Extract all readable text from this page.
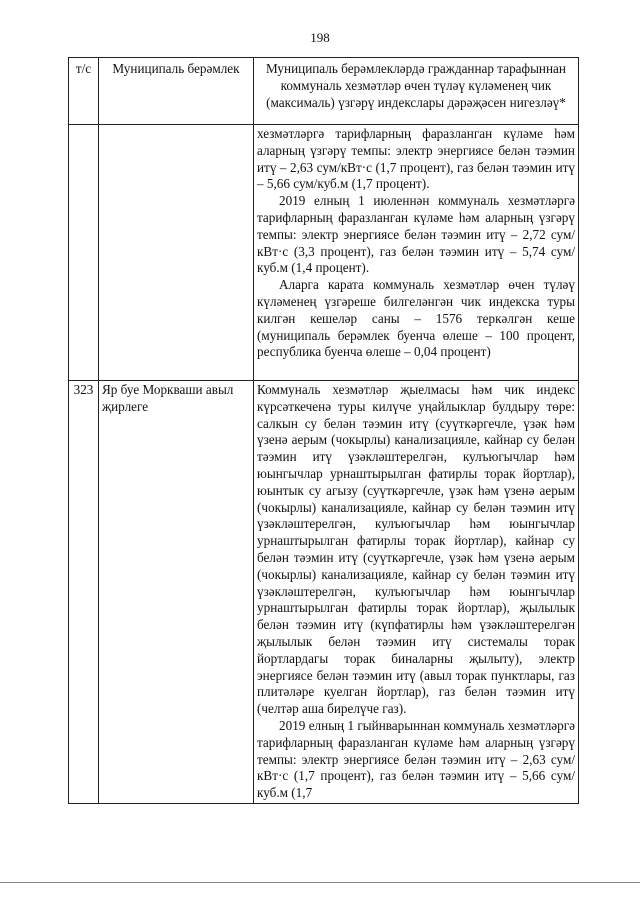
198
т/с	Муниципаль берәмлек	Муниципаль берәмлекләрдә гражданнар тарафыннан коммуналь хезмәтләр өчен түләү күләменең чик (максималь) үзгәрү индекслары дәрәҗәсен нигезләү*

		хезмәтләргә тарифларның фаразланган күләме һәм аларның үзгәрү темпы: электр энергиясе белән тәэмин итү – 2,63 сум/кВт·с (1,7 процент), газ белән тәэмин итү – 5,66 сум/куб.м (1,7 процент).

2019 елның 1 июленнән коммуналь хезмәтләргә тарифларның фаразланган күләме һәм аларның үзгәрү темпы: электр энергиясе белән тәэмин итү – 2,72 сум/кВт·с (3,3 процент), газ белән тәэмин итү – 5,74 сум/куб.м (1,4 процент).

Аларга карата коммуналь хезмәтләр өчен түләү күләменең үзгәреше билгеләнгән чик индекска туры килгән кешеләр саны – 1576 теркәлгән кеше (муниципаль берәмлек буенча өлеше – 100 процент, республика буенча өлеше – 0,04 процент)

323	Яр буе Моркваши авыл җирлеге	Коммуналь хезмәтләр җыелмасы һәм чик индекс күрсәткеченә туры килүче уңайлыклар булдыру төре: салкын су белән тәэмин итү (суүткәргечле, үзәк һәм үзенә аерым (чокырлы) канализацияле, кайнар су белән тәэмин итү үзәкләштерелгән, кулъюгычлар һәм юынгычлар урнаштырылган фатирлы торак йортлар), юынтык су агызу (суүткәргечле, үзәк һәм үзенә аерым (чокырлы) канализацияле, кайнар су белән тәэмин итү үзәкләштерелгән, кулъюгычлар һәм юынгычлар урнаштырылган фатирлы торак йортлар), кайнар су белән тәэмин итү (суүткәргечле, үзәк һәм үзенә аерым (чокырлы) канализацияле, кайнар су белән тәэмин итү үзәкләштерелгән, кулъюгычлар һәм юынгычлар урнаштырылган фатирлы торак йортлар), җылылык белән тәэмин итү (күпфатирлы һәм үзәкләштерелгән җылылык белән тәэмин итү системалы торак йортлардагы торак биналарны җылыту), электр энергиясе белән тәэмин итү (авыл торак пунктлары, газ плитәләре куелган йортлар), газ белән тәэмин итү (челтәр аша бирелүче газ).

2019 елның 1 гыйнварыннан коммуналь хезмәтләргә тарифларның фаразланган күләме һәм аларның үзгәрү темпы: электр энергиясе белән тәэмин итү – 2,63 сум/кВт·с (1,7 процент), газ белән тәэмин итү – 5,66 сум/куб.м (1,7
